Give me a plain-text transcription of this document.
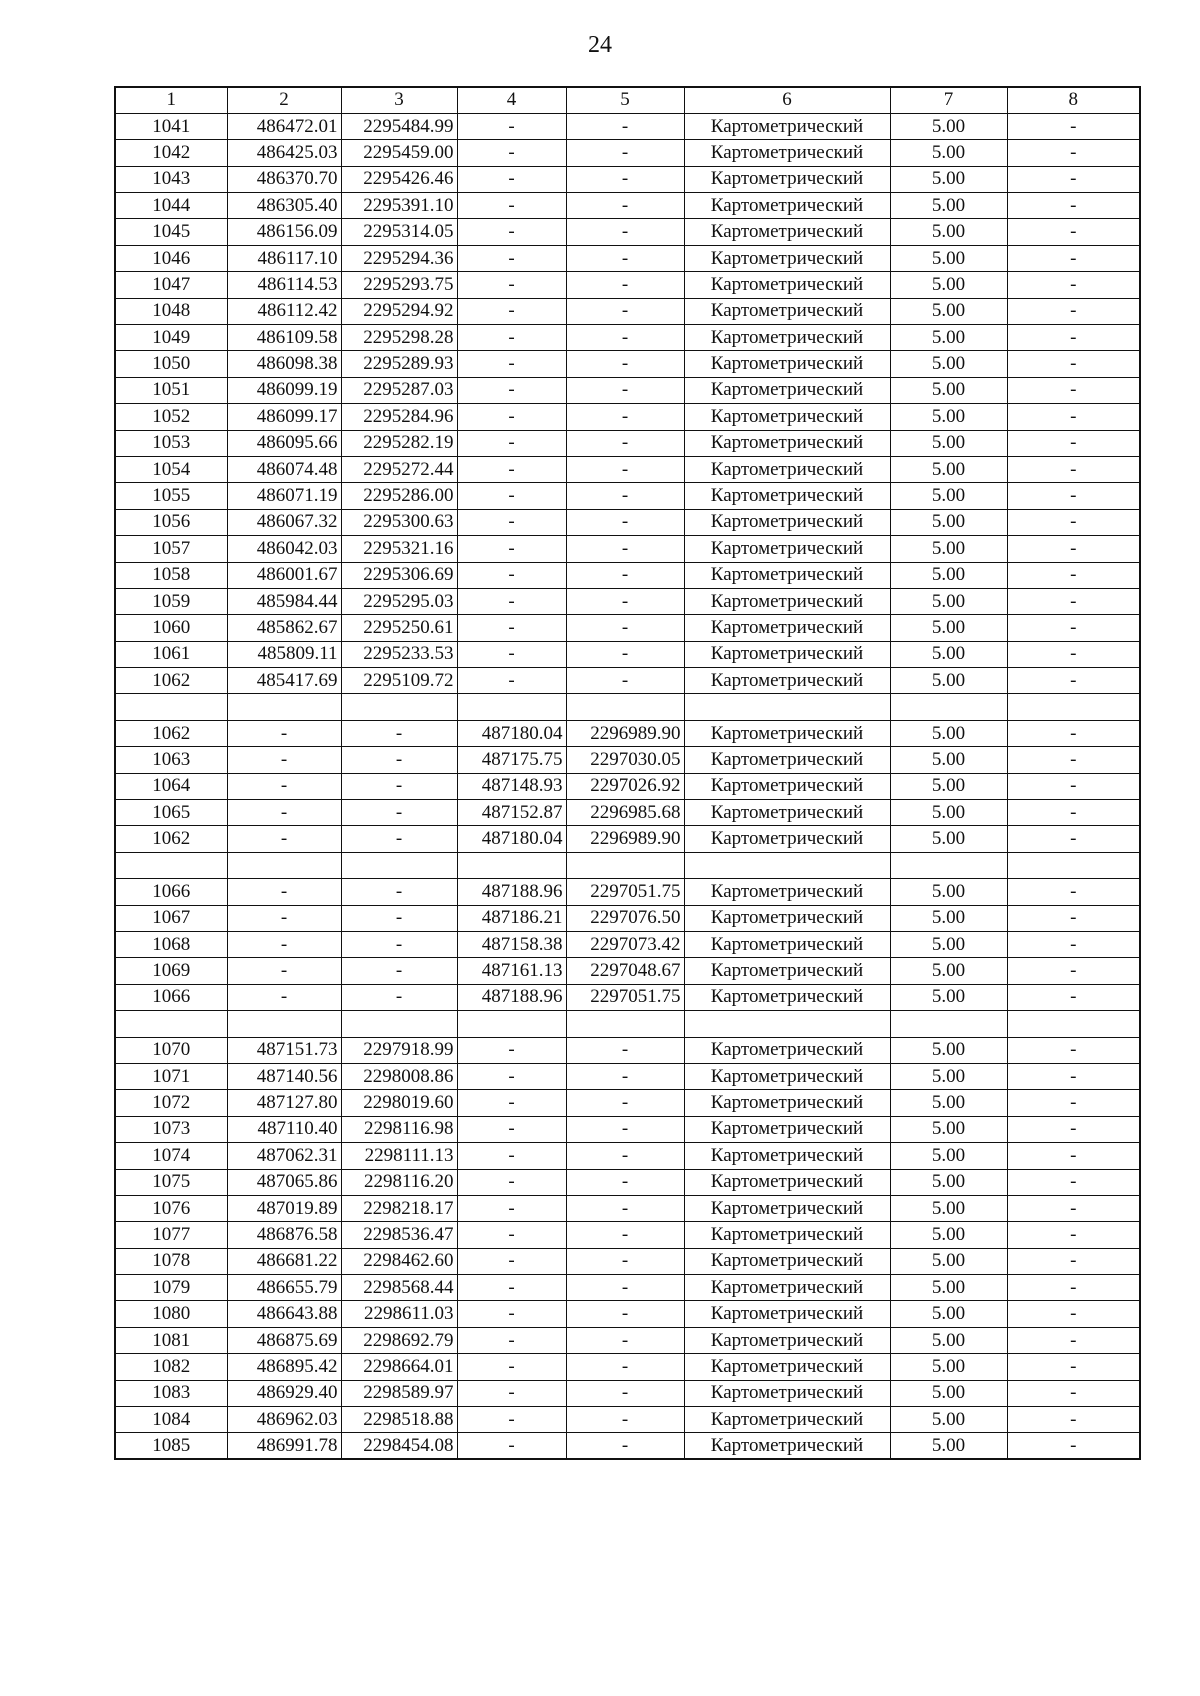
24
1	2	3	4	5	6	7	8
1041	486472.01	2295484.99	-	-	Картометрический	5.00	-
1042	486425.03	2295459.00	-	-	Картометрический	5.00	-
1043	486370.70	2295426.46	-	-	Картометрический	5.00	-
1044	486305.40	2295391.10	-	-	Картометрический	5.00	-
1045	486156.09	2295314.05	-	-	Картометрический	5.00	-
1046	486117.10	2295294.36	-	-	Картометрический	5.00	-
1047	486114.53	2295293.75	-	-	Картометрический	5.00	-
1048	486112.42	2295294.92	-	-	Картометрический	5.00	-
1049	486109.58	2295298.28	-	-	Картометрический	5.00	-
1050	486098.38	2295289.93	-	-	Картометрический	5.00	-
1051	486099.19	2295287.03	-	-	Картометрический	5.00	-
1052	486099.17	2295284.96	-	-	Картометрический	5.00	-
1053	486095.66	2295282.19	-	-	Картометрический	5.00	-
1054	486074.48	2295272.44	-	-	Картометрический	5.00	-
1055	486071.19	2295286.00	-	-	Картометрический	5.00	-
1056	486067.32	2295300.63	-	-	Картометрический	5.00	-
1057	486042.03	2295321.16	-	-	Картометрический	5.00	-
1058	486001.67	2295306.69	-	-	Картометрический	5.00	-
1059	485984.44	2295295.03	-	-	Картометрический	5.00	-
1060	485862.67	2295250.61	-	-	Картометрический	5.00	-
1061	485809.11	2295233.53	-	-	Картометрический	5.00	-
1062	485417.69	2295109.72	-	-	Картометрический	5.00	-

1062	-	-	487180.04	2296989.90	Картометрический	5.00	-
1063	-	-	487175.75	2297030.05	Картометрический	5.00	-
1064	-	-	487148.93	2297026.92	Картометрический	5.00	-
1065	-	-	487152.87	2296985.68	Картометрический	5.00	-
1062	-	-	487180.04	2296989.90	Картометрический	5.00	-

1066	-	-	487188.96	2297051.75	Картометрический	5.00	-
1067	-	-	487186.21	2297076.50	Картометрический	5.00	-
1068	-	-	487158.38	2297073.42	Картометрический	5.00	-
1069	-	-	487161.13	2297048.67	Картометрический	5.00	-
1066	-	-	487188.96	2297051.75	Картометрический	5.00	-

1070	487151.73	2297918.99	-	-	Картометрический	5.00	-
1071	487140.56	2298008.86	-	-	Картометрический	5.00	-
1072	487127.80	2298019.60	-	-	Картометрический	5.00	-
1073	487110.40	2298116.98	-	-	Картометрический	5.00	-
1074	487062.31	2298111.13	-	-	Картометрический	5.00	-
1075	487065.86	2298116.20	-	-	Картометрический	5.00	-
1076	487019.89	2298218.17	-	-	Картометрический	5.00	-
1077	486876.58	2298536.47	-	-	Картометрический	5.00	-
1078	486681.22	2298462.60	-	-	Картометрический	5.00	-
1079	486655.79	2298568.44	-	-	Картометрический	5.00	-
1080	486643.88	2298611.03	-	-	Картометрический	5.00	-
1081	486875.69	2298692.79	-	-	Картометрический	5.00	-
1082	486895.42	2298664.01	-	-	Картометрический	5.00	-
1083	486929.40	2298589.97	-	-	Картометрический	5.00	-
1084	486962.03	2298518.88	-	-	Картометрический	5.00	-
1085	486991.78	2298454.08	-	-	Картометрический	5.00	-
